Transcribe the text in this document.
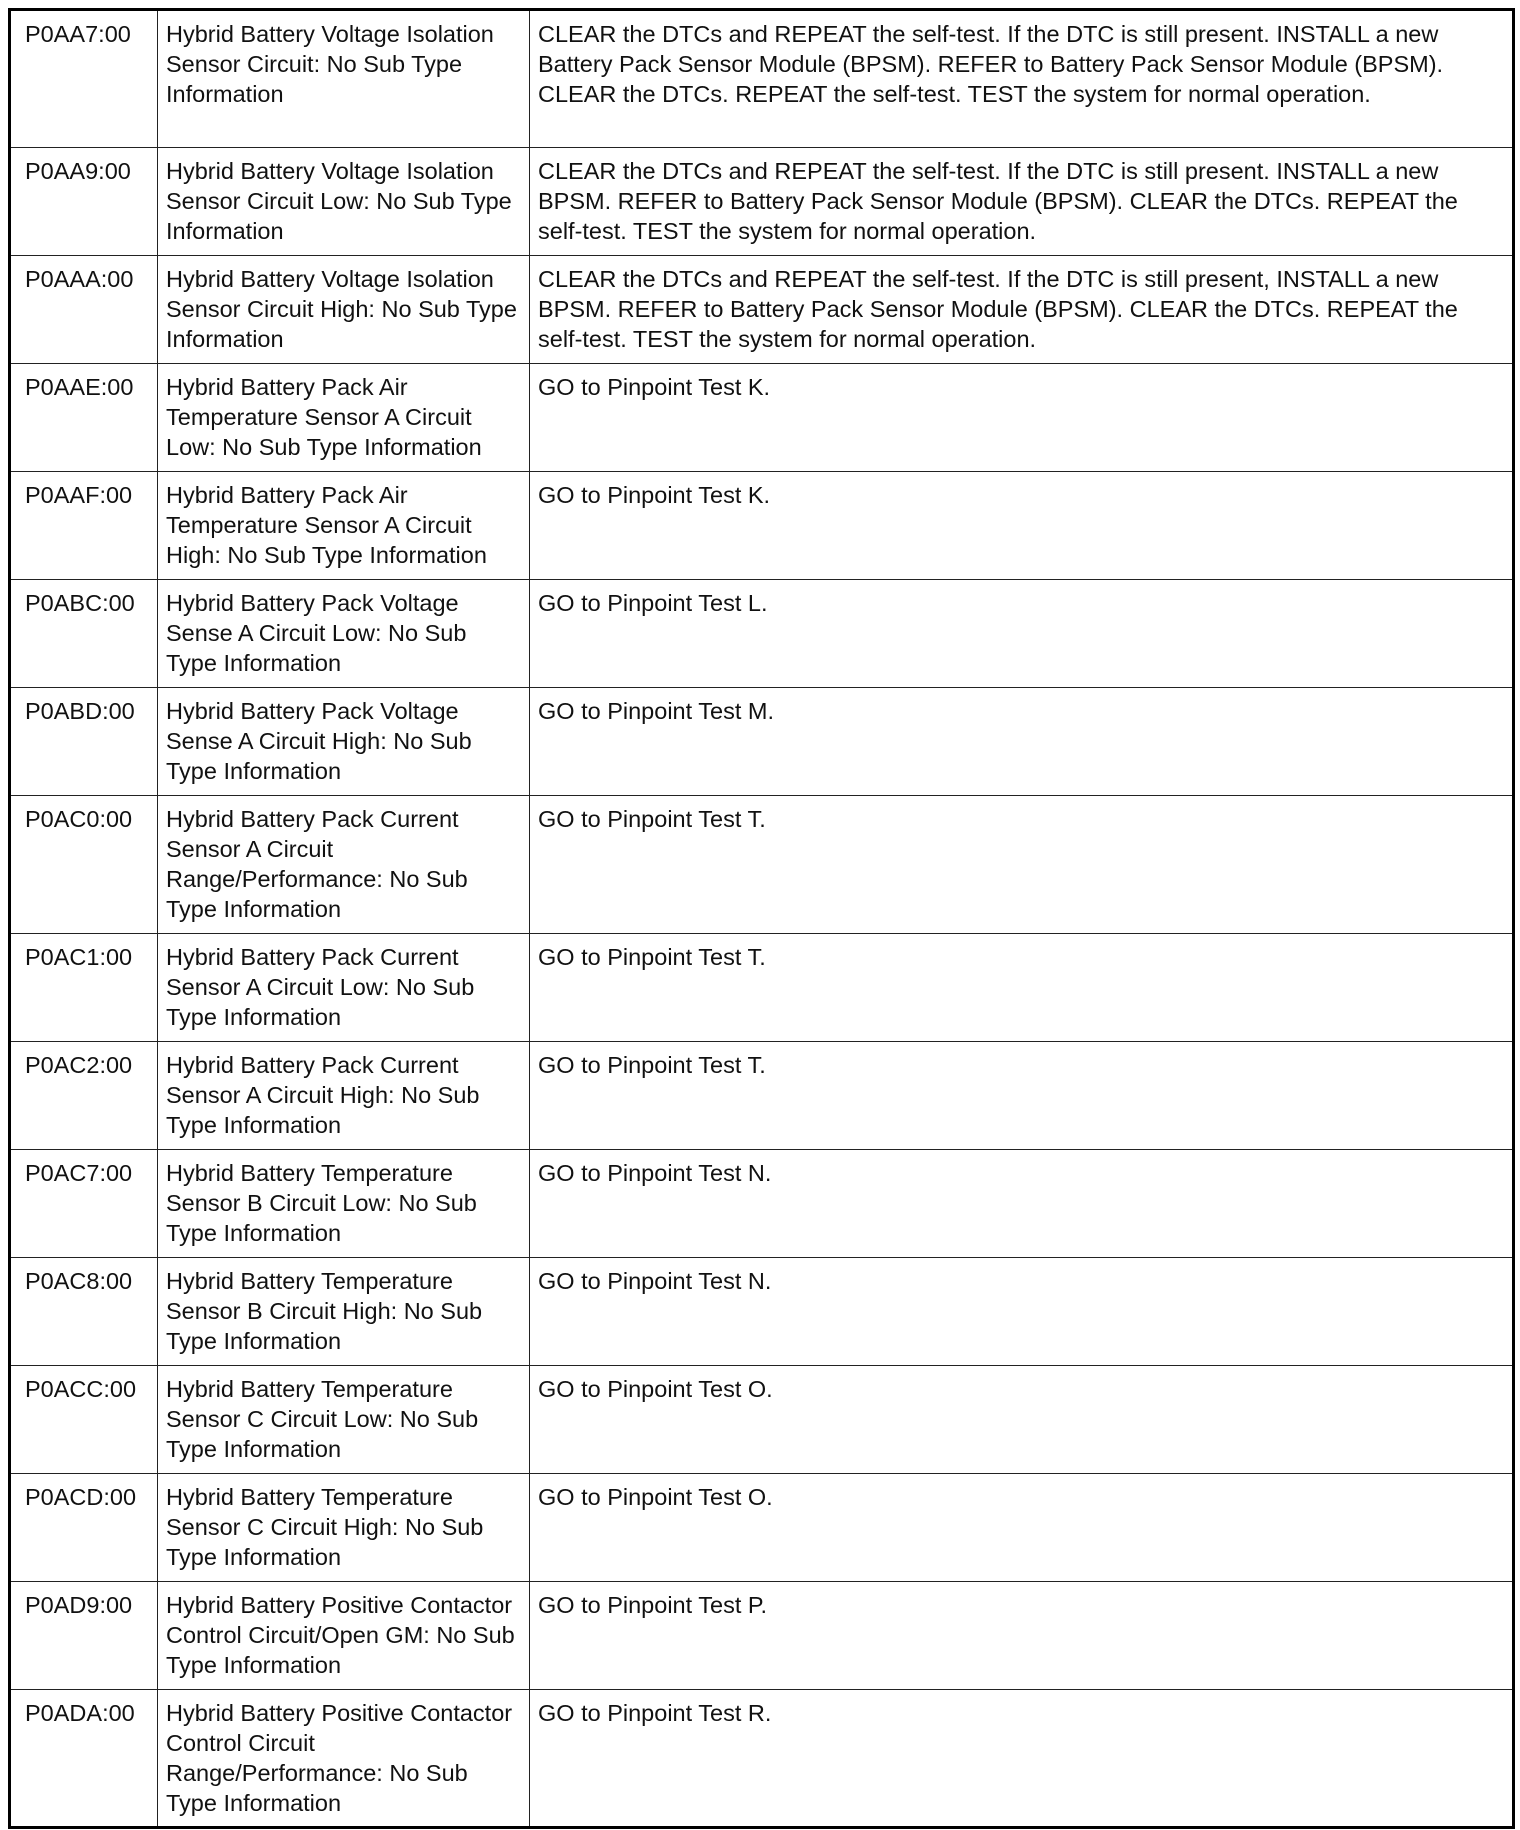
P0AA7:00	Hybrid Battery Voltage Isolation Sensor Circuit: No Sub Type Information	CLEAR the DTCs and REPEAT the self-test. If the DTC is still present. INSTALL a new Battery Pack Sensor Module (BPSM). REFER to Battery Pack Sensor Module (BPSM). CLEAR the DTCs. REPEAT the self-test. TEST the system for normal operation.
P0AA9:00	Hybrid Battery Voltage Isolation Sensor Circuit Low: No Sub Type Information	CLEAR the DTCs and REPEAT the self-test. If the DTC is still present. INSTALL a new BPSM. REFER to Battery Pack Sensor Module (BPSM). CLEAR the DTCs. REPEAT the self-test. TEST the system for normal operation.
P0AAA:00	Hybrid Battery Voltage Isolation Sensor Circuit High: No Sub Type Information	CLEAR the DTCs and REPEAT the self-test. If the DTC is still present, INSTALL a new BPSM. REFER to Battery Pack Sensor Module (BPSM). CLEAR the DTCs. REPEAT the self-test. TEST the system for normal operation.
P0AAE:00	Hybrid Battery Pack Air Temperature Sensor A Circuit Low: No Sub Type Information	GO to Pinpoint Test K.
P0AAF:00	Hybrid Battery Pack Air Temperature Sensor A Circuit High: No Sub Type Information	GO to Pinpoint Test K.
P0ABC:00	Hybrid Battery Pack Voltage Sense A Circuit Low: No Sub Type Information	GO to Pinpoint Test L.
P0ABD:00	Hybrid Battery Pack Voltage Sense A Circuit High: No Sub Type Information	GO to Pinpoint Test M.
P0AC0:00	Hybrid Battery Pack Current Sensor A Circuit Range/Performance: No Sub Type Information	GO to Pinpoint Test T.
P0AC1:00	Hybrid Battery Pack Current Sensor A Circuit Low: No Sub Type Information	GO to Pinpoint Test T.
P0AC2:00	Hybrid Battery Pack Current Sensor A Circuit High: No Sub Type Information	GO to Pinpoint Test T.
P0AC7:00	Hybrid Battery Temperature Sensor B Circuit Low: No Sub Type Information	GO to Pinpoint Test N.
P0AC8:00	Hybrid Battery Temperature Sensor B Circuit High: No Sub Type Information	GO to Pinpoint Test N.
P0ACC:00	Hybrid Battery Temperature Sensor C Circuit Low: No Sub Type Information	GO to Pinpoint Test O.
P0ACD:00	Hybrid Battery Temperature Sensor C Circuit High: No Sub Type Information	GO to Pinpoint Test O.
P0AD9:00	Hybrid Battery Positive Contactor Control Circuit/Open GM: No Sub Type Information	GO to Pinpoint Test P.
P0ADA:00	Hybrid Battery Positive Contactor Control Circuit Range/Performance: No Sub Type Information	GO to Pinpoint Test R.
